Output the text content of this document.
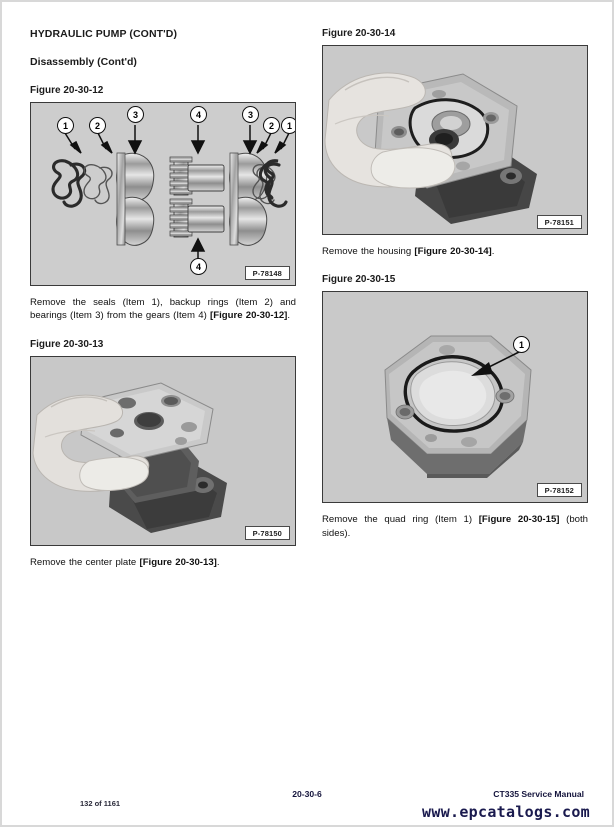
HYDRAULIC PUMP (CONT'D)
Disassembly (Cont'd)
Figure 20-30-12
1	2
3	4	3
2	1
4
P-78148

Remove the seals (Item 1), backup rings (Item 2) and bearings (Item 3) from the gears (Item 4) [Figure 20-30-12].

Figure 20-30-13
P-78150

Remove the center plate [Figure 20-30-13].

Figure 20-30-14
P-78151

Remove the housing [Figure 20-30-14].

Figure 20-30-15
1
P-78152

Remove the quad ring (Item 1) [Figure 20-30-15] (both sides).

132 of 1161
20-30-6	CT335 Service Manual
www.epcatalogs.com
